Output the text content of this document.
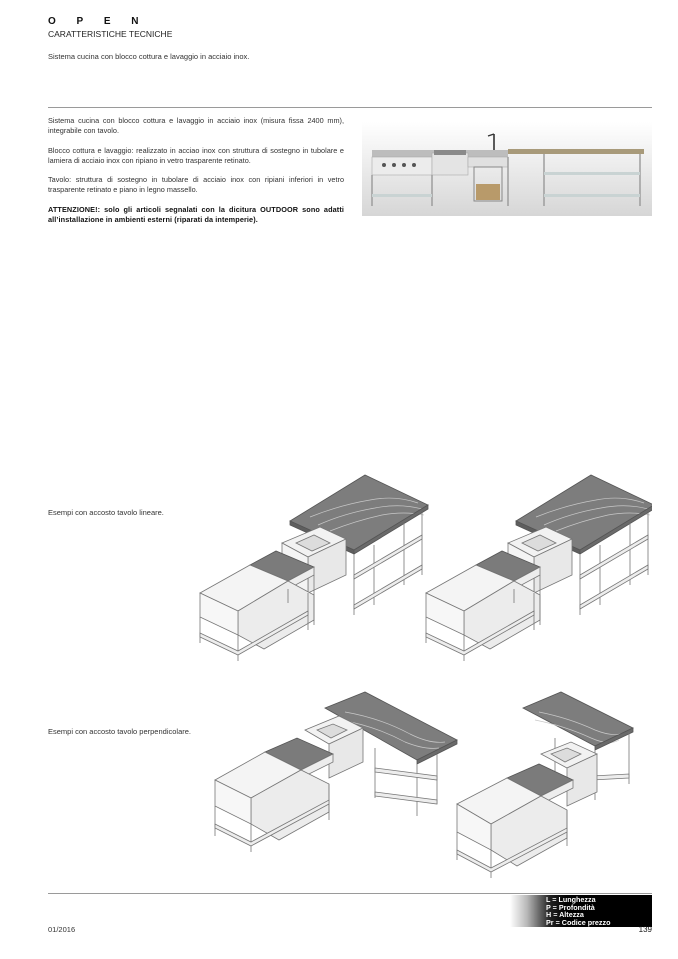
O P E N
CARATTERISTICHE TECNICHE
Sistema cucina con blocco cottura e lavaggio in acciaio inox.

Sistema cucina con blocco cottura e lavaggio in acciaio inox (misura fissa 2400 mm), integrabile con tavolo.

Blocco cottura e lavaggio: realizzato in acciao inox con struttura di sostegno in tubolare e lamiera di acciaio inox con ripiano in vetro trasparente retinato.

Tavolo: struttura di sostegno in tubolare di acciaio inox con ripiani inferiori in vetro trasparente retinato e piano in legno massello.

ATTENZIONE!: solo gli articoli segnalati con la dicitura OUTDOOR sono adatti all’installazione in ambienti esterni (riparati da intemperie).

Esempi con accosto tavolo lineare.
Esempi con accosto tavolo perpendicolare.
L = Lunghezza
P = Profondità
H = Altezza
Pr = Codice prezzo
01/2016	139
